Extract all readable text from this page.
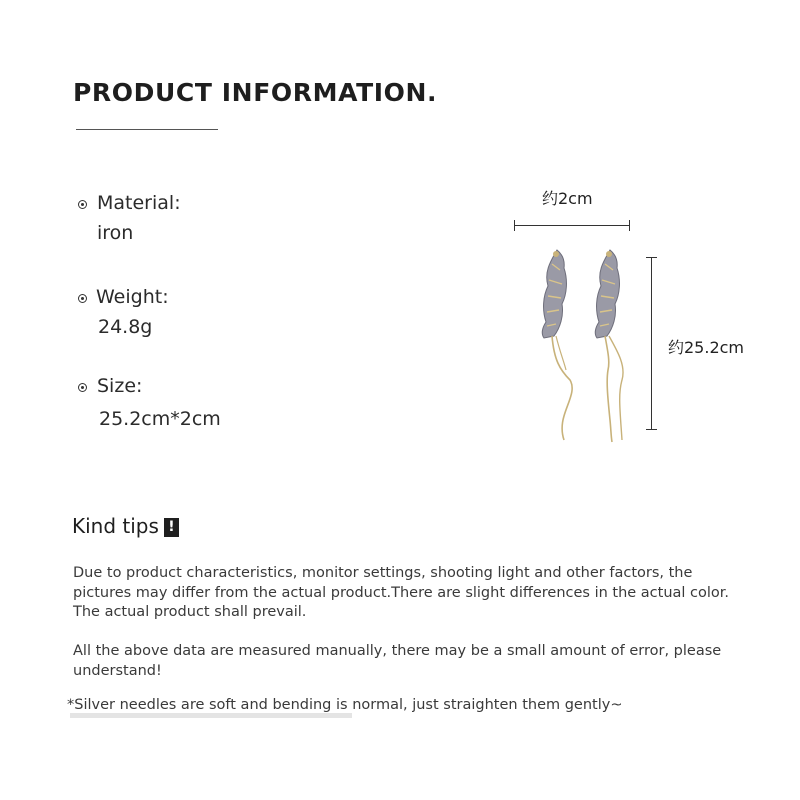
PRODUCT INFORMATION.
Material:
iron
Weight:
24.8g
Size:
25.2cm*2cm
约2cm
约25.2cm
Kind tips !

Due to product characteristics, monitor settings, shooting light and other factors, the pictures may differ from the actual product.There are slight differences in the actual color. The actual product shall prevail.

All the above data are measured manually, there may be a small amount of error, please understand!

*Silver needles are soft and bending is normal, just straighten them gently~
